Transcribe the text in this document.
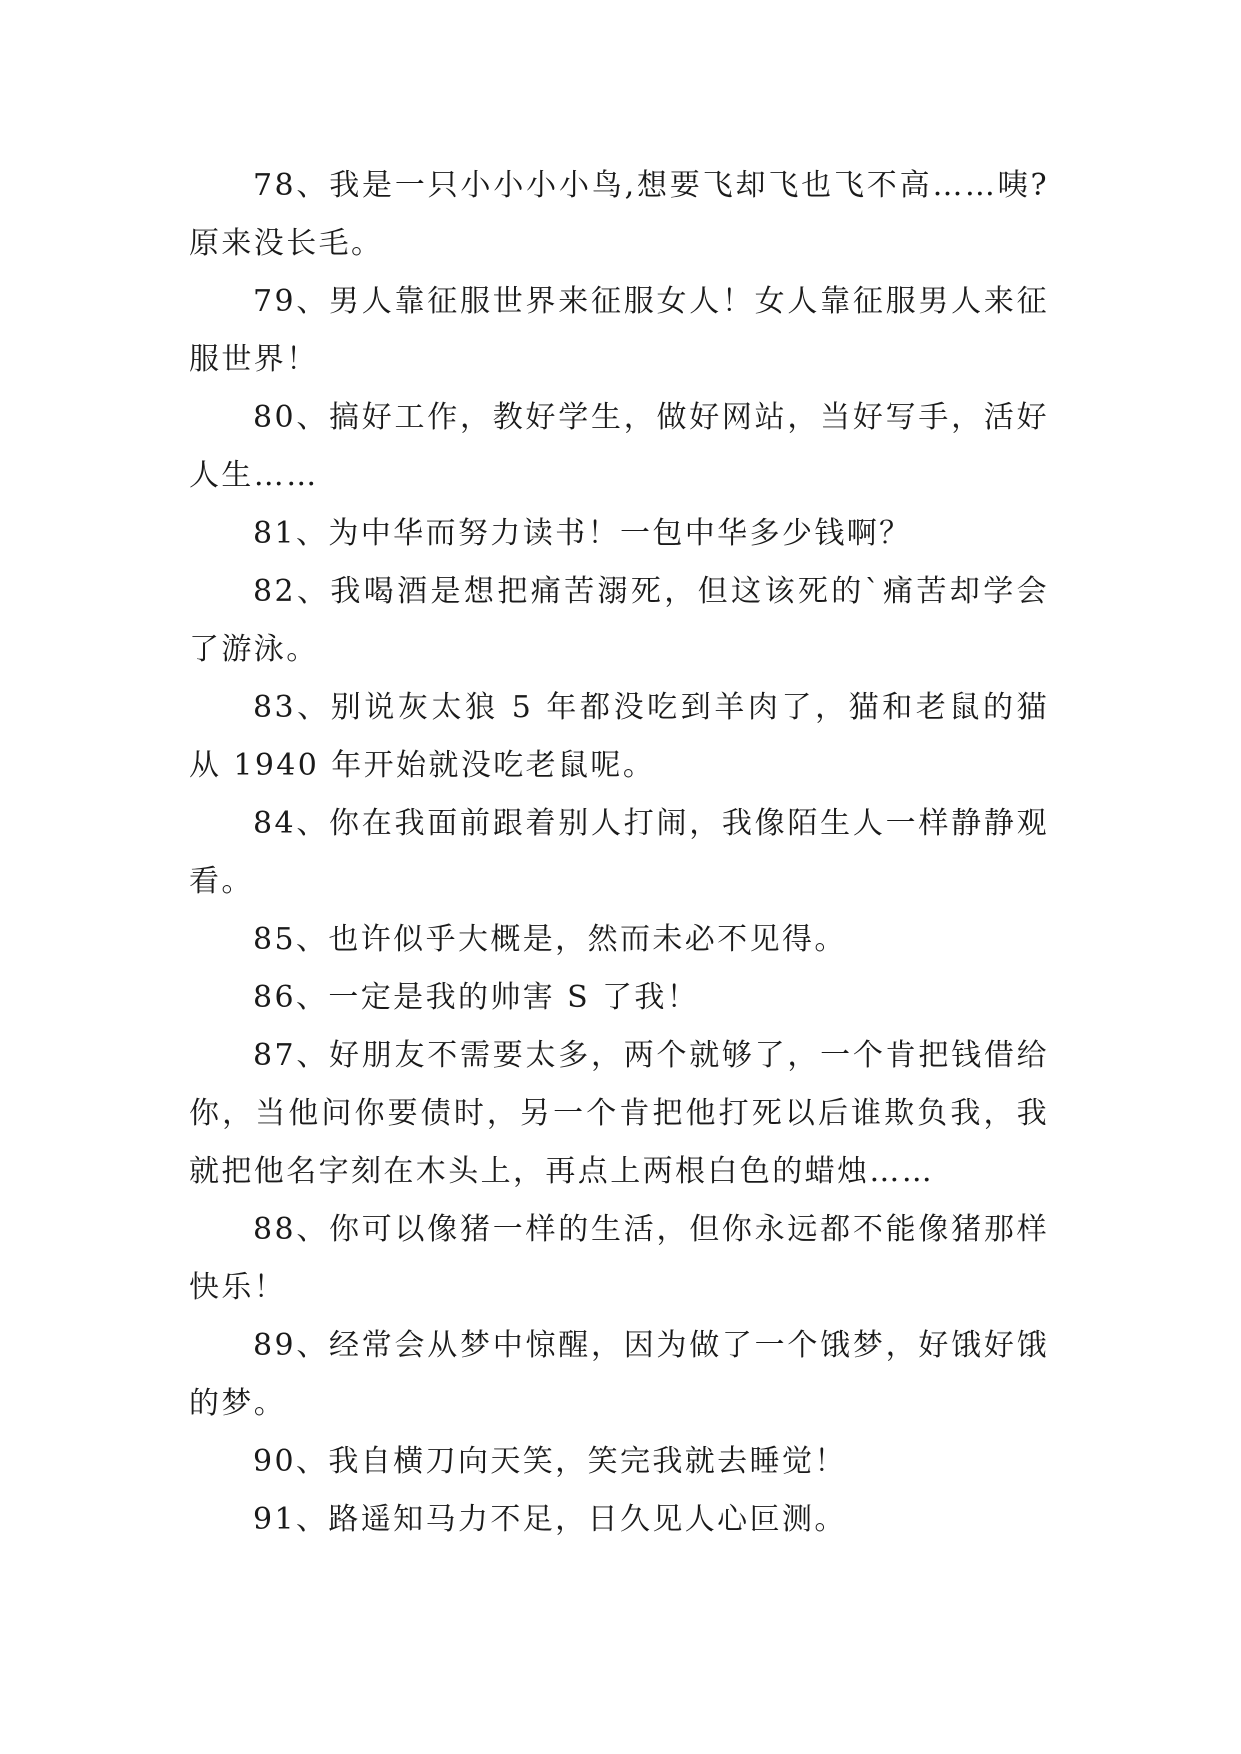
78、我是一只小小小小鸟,想要飞却飞也飞不高……咦?原来没长毛。

79、男人靠征服世界来征服女人！女人靠征服男人来征服世界！

80、搞好工作，教好学生，做好网站，当好写手，活好人生……

81、为中华而努力读书！一包中华多少钱啊？

82、我喝酒是想把痛苦溺死，但这该死的`痛苦却学会了游泳。

83、别说灰太狼 5 年都没吃到羊肉了，猫和老鼠的猫从 1940 年开始就没吃老鼠呢。

84、你在我面前跟着别人打闹，我像陌生人一样静静观看。

85、也许似乎大概是，然而未必不见得。

86、一定是我的帅害 S 了我！

87、好朋友不需要太多，两个就够了，一个肯把钱借给你，当他问你要债时，另一个肯把他打死以后谁欺负我，我就把他名字刻在木头上，再点上两根白色的蜡烛……

88、你可以像猪一样的生活，但你永远都不能像猪那样快乐！

89、经常会从梦中惊醒，因为做了一个饿梦，好饿好饿的梦。

90、我自横刀向天笑，笑完我就去睡觉！

91、路遥知马力不足，日久见人心叵测。
